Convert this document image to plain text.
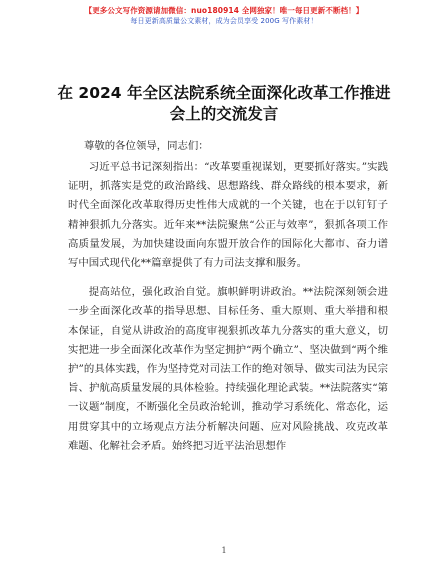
【更多公文写作资源请加微信：nuo180914 全网独家！唯一每日更新不断档！】
每日更新高质量公文素材，成为会员享受 200G 写作素材！
在 2024 年全区法院系统全面深化改革工作推进
会上的交流发言
尊敬的各位领导，同志们：

习近平总书记深刻指出：“改革要重视谋划，更要抓好落实。”实践证明，抓落实是党的政治路线、思想路线、群众路线的根本要求，新时代全面深化改革取得历史性伟大成就的一个关键，也在于以钉钉子精神狠抓九分落实。近年来**法院聚焦“公正与效率”，狠抓各项工作高质量发展，为加快建设面向东盟开放合作的国际化大都市、奋力谱写中国式现代化**篇章提供了有力司法支撑和服务。

提高站位，强化政治自觉。旗帜鲜明讲政治。**法院深刻领会进一步全面深化改革的指导思想、目标任务、重大原则、重大举措和根本保证，自觉从讲政治的高度审视狠抓改革九分落实的重大意义，切实把进一步全面深化改革作为坚定拥护“两个确立”、坚决做到“两个维护”的具体实践，作为坚持党对司法工作的绝对领导、做实司法为民宗旨、护航高质量发展的具体检验。持续强化理论武装。**法院落实“第一议题”制度，不断强化全员政治轮训，推动学习系统化、常态化，运用贯穿其中的立场观点方法分析解决问题、应对风险挑战、攻克改革难题、化解社会矛盾。始终把习近平法治思想作

1
